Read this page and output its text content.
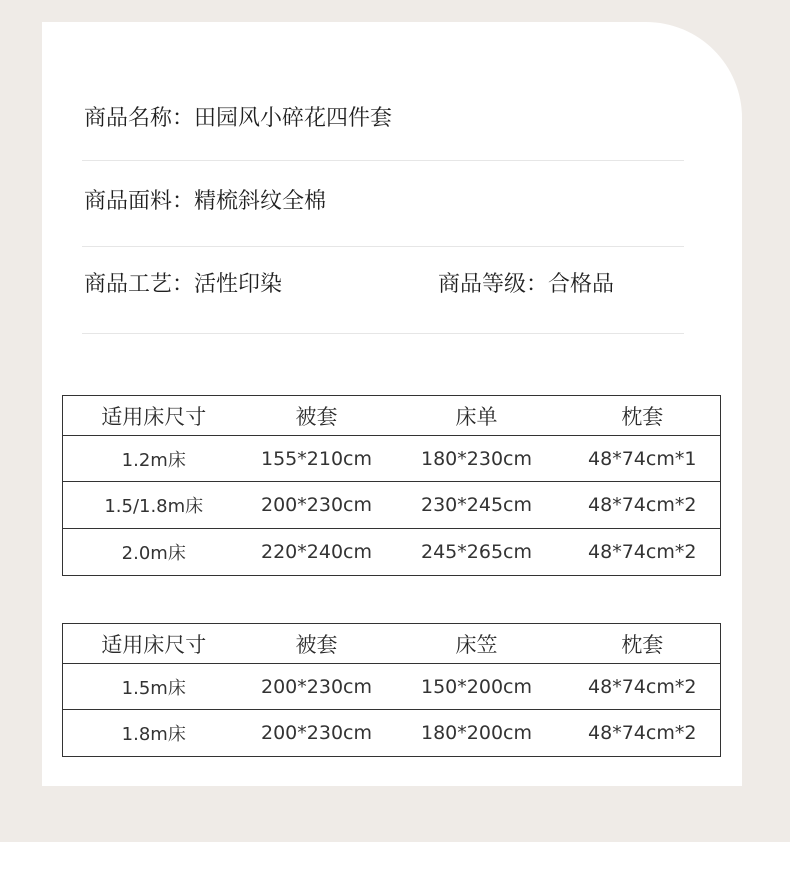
商品名称：田园风小碎花四件套
商品面料：精梳斜纹全棉
商品工艺：活性印染	商品等级：合格品
适用床尺寸	被套	床单	枕套
1.2m床	155*210cm	180*230cm	48*74cm*1
1.5/1.8m床	200*230cm	230*245cm	48*74cm*2
2.0m床	220*240cm	245*265cm	48*74cm*2
适用床尺寸	被套	床笠	枕套
1.5m床	200*230cm	150*200cm	48*74cm*2
1.8m床	200*230cm	180*200cm	48*74cm*2
